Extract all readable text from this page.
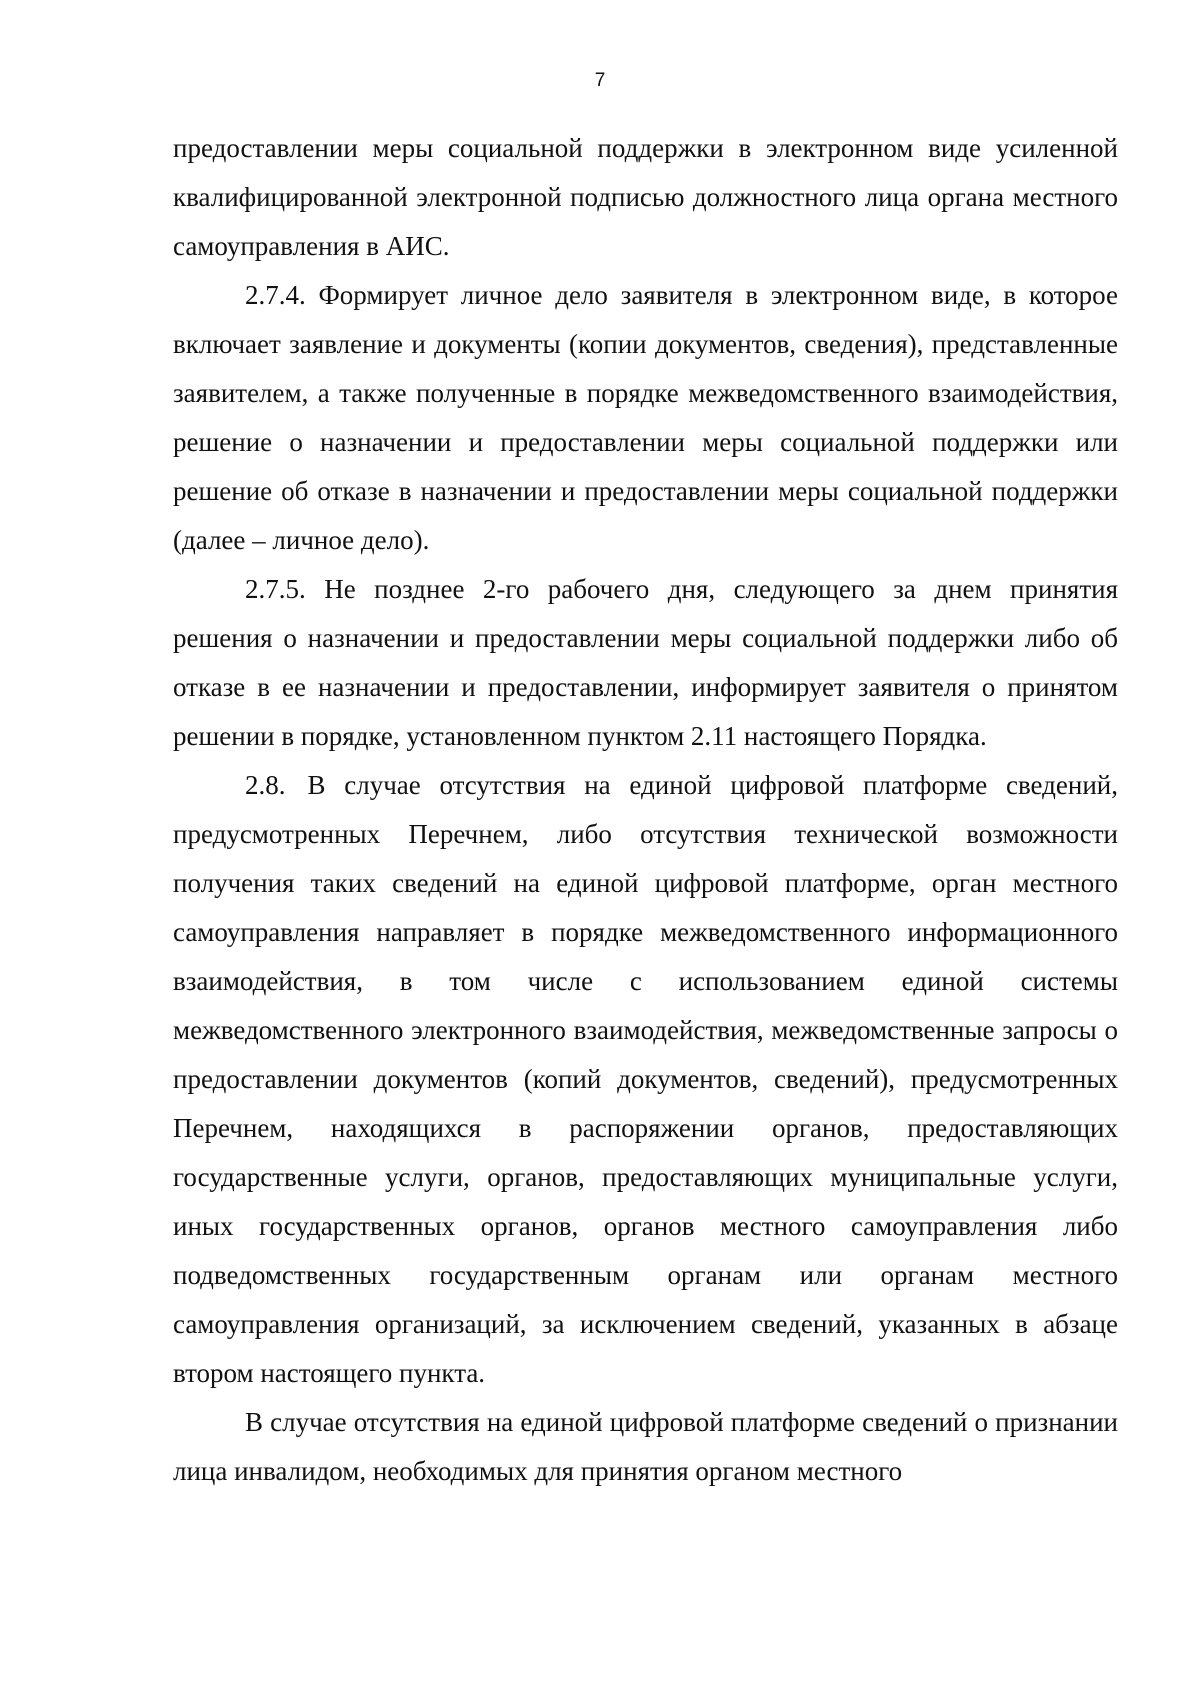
7

предоставлении меры социальной поддержки в электронном виде усиленной квалифицированной электронной подписью должностного лица органа местного самоуправления в АИС.

2.7.4. Формирует личное дело заявителя в электронном виде, в которое включает заявление и документы (копии документов, сведения), представленные заявителем, а также полученные в порядке межведомственного взаимодействия, решение о назначении и предоставлении меры социальной поддержки или решение об отказе в назначении и предоставлении меры социальной поддержки (далее – личное дело).

2.7.5. Не позднее 2-го рабочего дня, следующего за днем принятия решения о назначении и предоставлении меры социальной поддержки либо об отказе в ее назначении и предоставлении, информирует заявителя о принятом решении в порядке, установленном пунктом 2.11 настоящего Порядка.

2.8. В случае отсутствия на единой цифровой платформе сведений, предусмотренных Перечнем, либо отсутствия технической возможности получения таких сведений на единой цифровой платформе, орган местного самоуправления направляет в порядке межведомственного информационного взаимодействия, в том числе с использованием единой системы межведомственного электронного взаимодействия, межведомственные запросы о предоставлении документов (копий документов, сведений), предусмотренных Перечнем, находящихся в распоряжении органов, предоставляющих государственные услуги, органов, предоставляющих муниципальные услуги, иных государственных органов, органов местного самоуправления либо подведомственных государственным органам или органам местного самоуправления организаций, за исключением сведений, указанных в абзаце втором настоящего пункта.

В случае отсутствия на единой цифровой платформе сведений о признании лица инвалидом, необходимых для принятия органом местного
